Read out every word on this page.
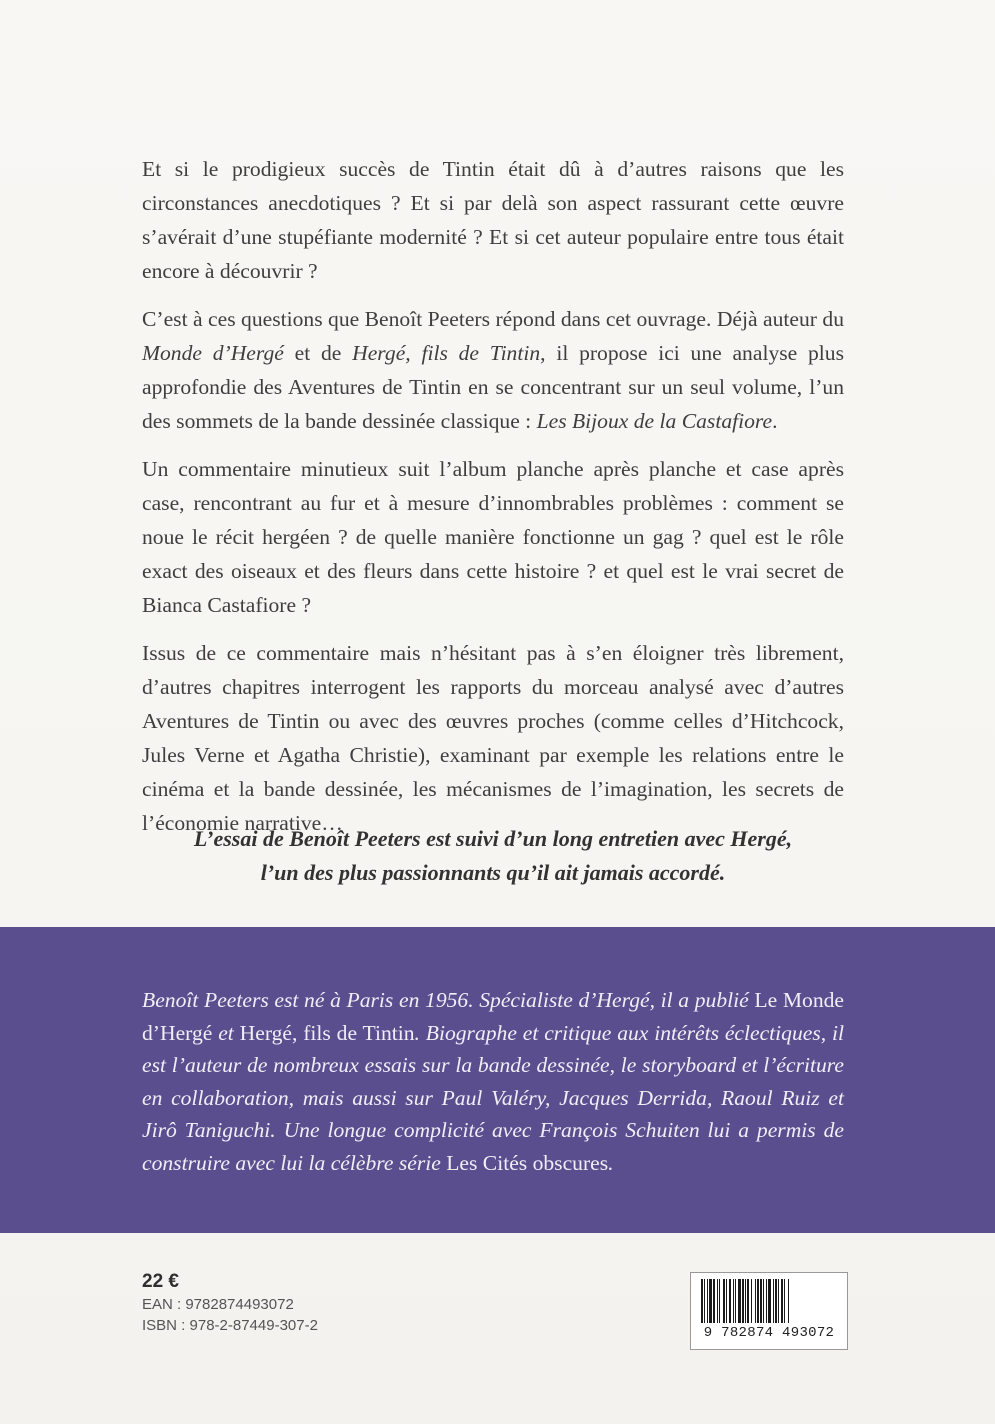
Et si le prodigieux succès de Tintin était dû à d’autres raisons que les circonstances anecdotiques ? Et si par delà son aspect rassurant cette œuvre s’avérait d’une stupéfiante modernité ? Et si cet auteur populaire entre tous était encore à découvrir ?

C’est à ces questions que Benoît Peeters répond dans cet ouvrage. Déjà auteur du Monde d’Hergé et de Hergé, fils de Tintin, il propose ici une analyse plus approfondie des Aventures de Tintin en se concentrant sur un seul volume, l’un des sommets de la bande dessinée classique : Les Bijoux de la Castafiore.

Un commentaire minutieux suit l’album planche après planche et case après case, rencontrant au fur et à mesure d’innombrables problèmes : comment se noue le récit hergéen ? de quelle manière fonctionne un gag ? quel est le rôle exact des oiseaux et des fleurs dans cette histoire ? et quel est le vrai secret de Bianca Castafiore ?

Issus de ce commentaire mais n’hésitant pas à s’en éloigner très librement, d’autres chapitres interrogent les rapports du morceau analysé avec d’autres Aventures de Tintin ou avec des œuvres proches (comme celles d’Hitchcock, Jules Verne et Agatha Christie), examinant par exemple les relations entre le cinéma et la bande dessinée, les mécanismes de l’imagination, les secrets de l’économie narrative…

L’essai de Benoît Peeters est suivi d’un long entretien avec Hergé,
l’un des plus passionnants qu’il ait jamais accordé.
Benoît Peeters est né à Paris en 1956. Spécialiste d’Hergé, il a publié Le Monde d’Hergé et Hergé, fils de Tintin. Biographe et critique aux intérêts éclectiques, il est l’auteur de nombreux essais sur la bande dessinée, le storyboard et l’écriture en collaboration, mais aussi sur Paul Valéry, Jacques Derrida, Raoul Ruiz et Jirô Taniguchi. Une longue complicité avec François Schuiten lui a permis de construire avec lui la célèbre série Les Cités obscures.
22 €
EAN : 9782874493072
ISBN : 978-2-87449-307-2	9 782874 493072
